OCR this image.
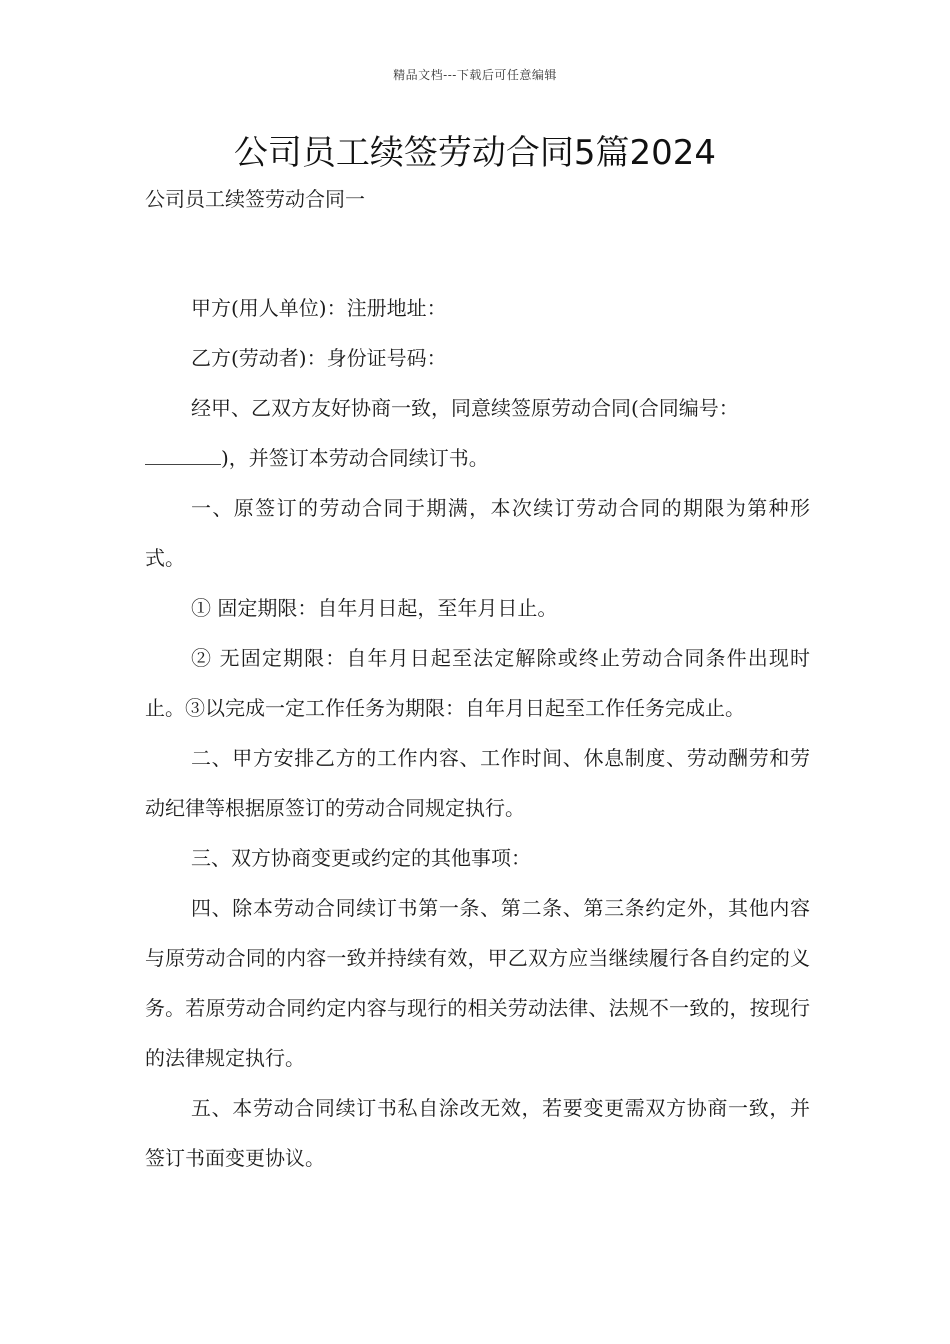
精品文档---下载后可任意编辑
公司员工续签劳动合同5篇2024
公司员工续签劳动合同一

甲方(用人单位)：注册地址：

乙方(劳动者)：身份证号码：

经甲、乙双方友好协商一致，同意续签原劳动合同(合同编号：

)，并签订本劳动合同续订书。

一、原签订的劳动合同于期满，本次续订劳动合同的期限为第种形式。

① 固定期限：自年月日起，至年月日止。

② 无固定期限：自年月日起至法定解除或终止劳动合同条件出现时止。③以完成一定工作任务为期限：自年月日起至工作任务完成止。

二、甲方安排乙方的工作内容、工作时间、休息制度、劳动酬劳和劳动纪律等根据原签订的劳动合同规定执行。

三、双方协商变更或约定的其他事项：

四、除本劳动合同续订书第一条、第二条、第三条约定外，其他内容与原劳动合同的内容一致并持续有效，甲乙双方应当继续履行各自约定的义务。若原劳动合同约定内容与现行的相关劳动法律、法规不一致的，按现行的法律规定执行。

五、本劳动合同续订书私自涂改无效，若要变更需双方协商一致，并签订书面变更协议。
